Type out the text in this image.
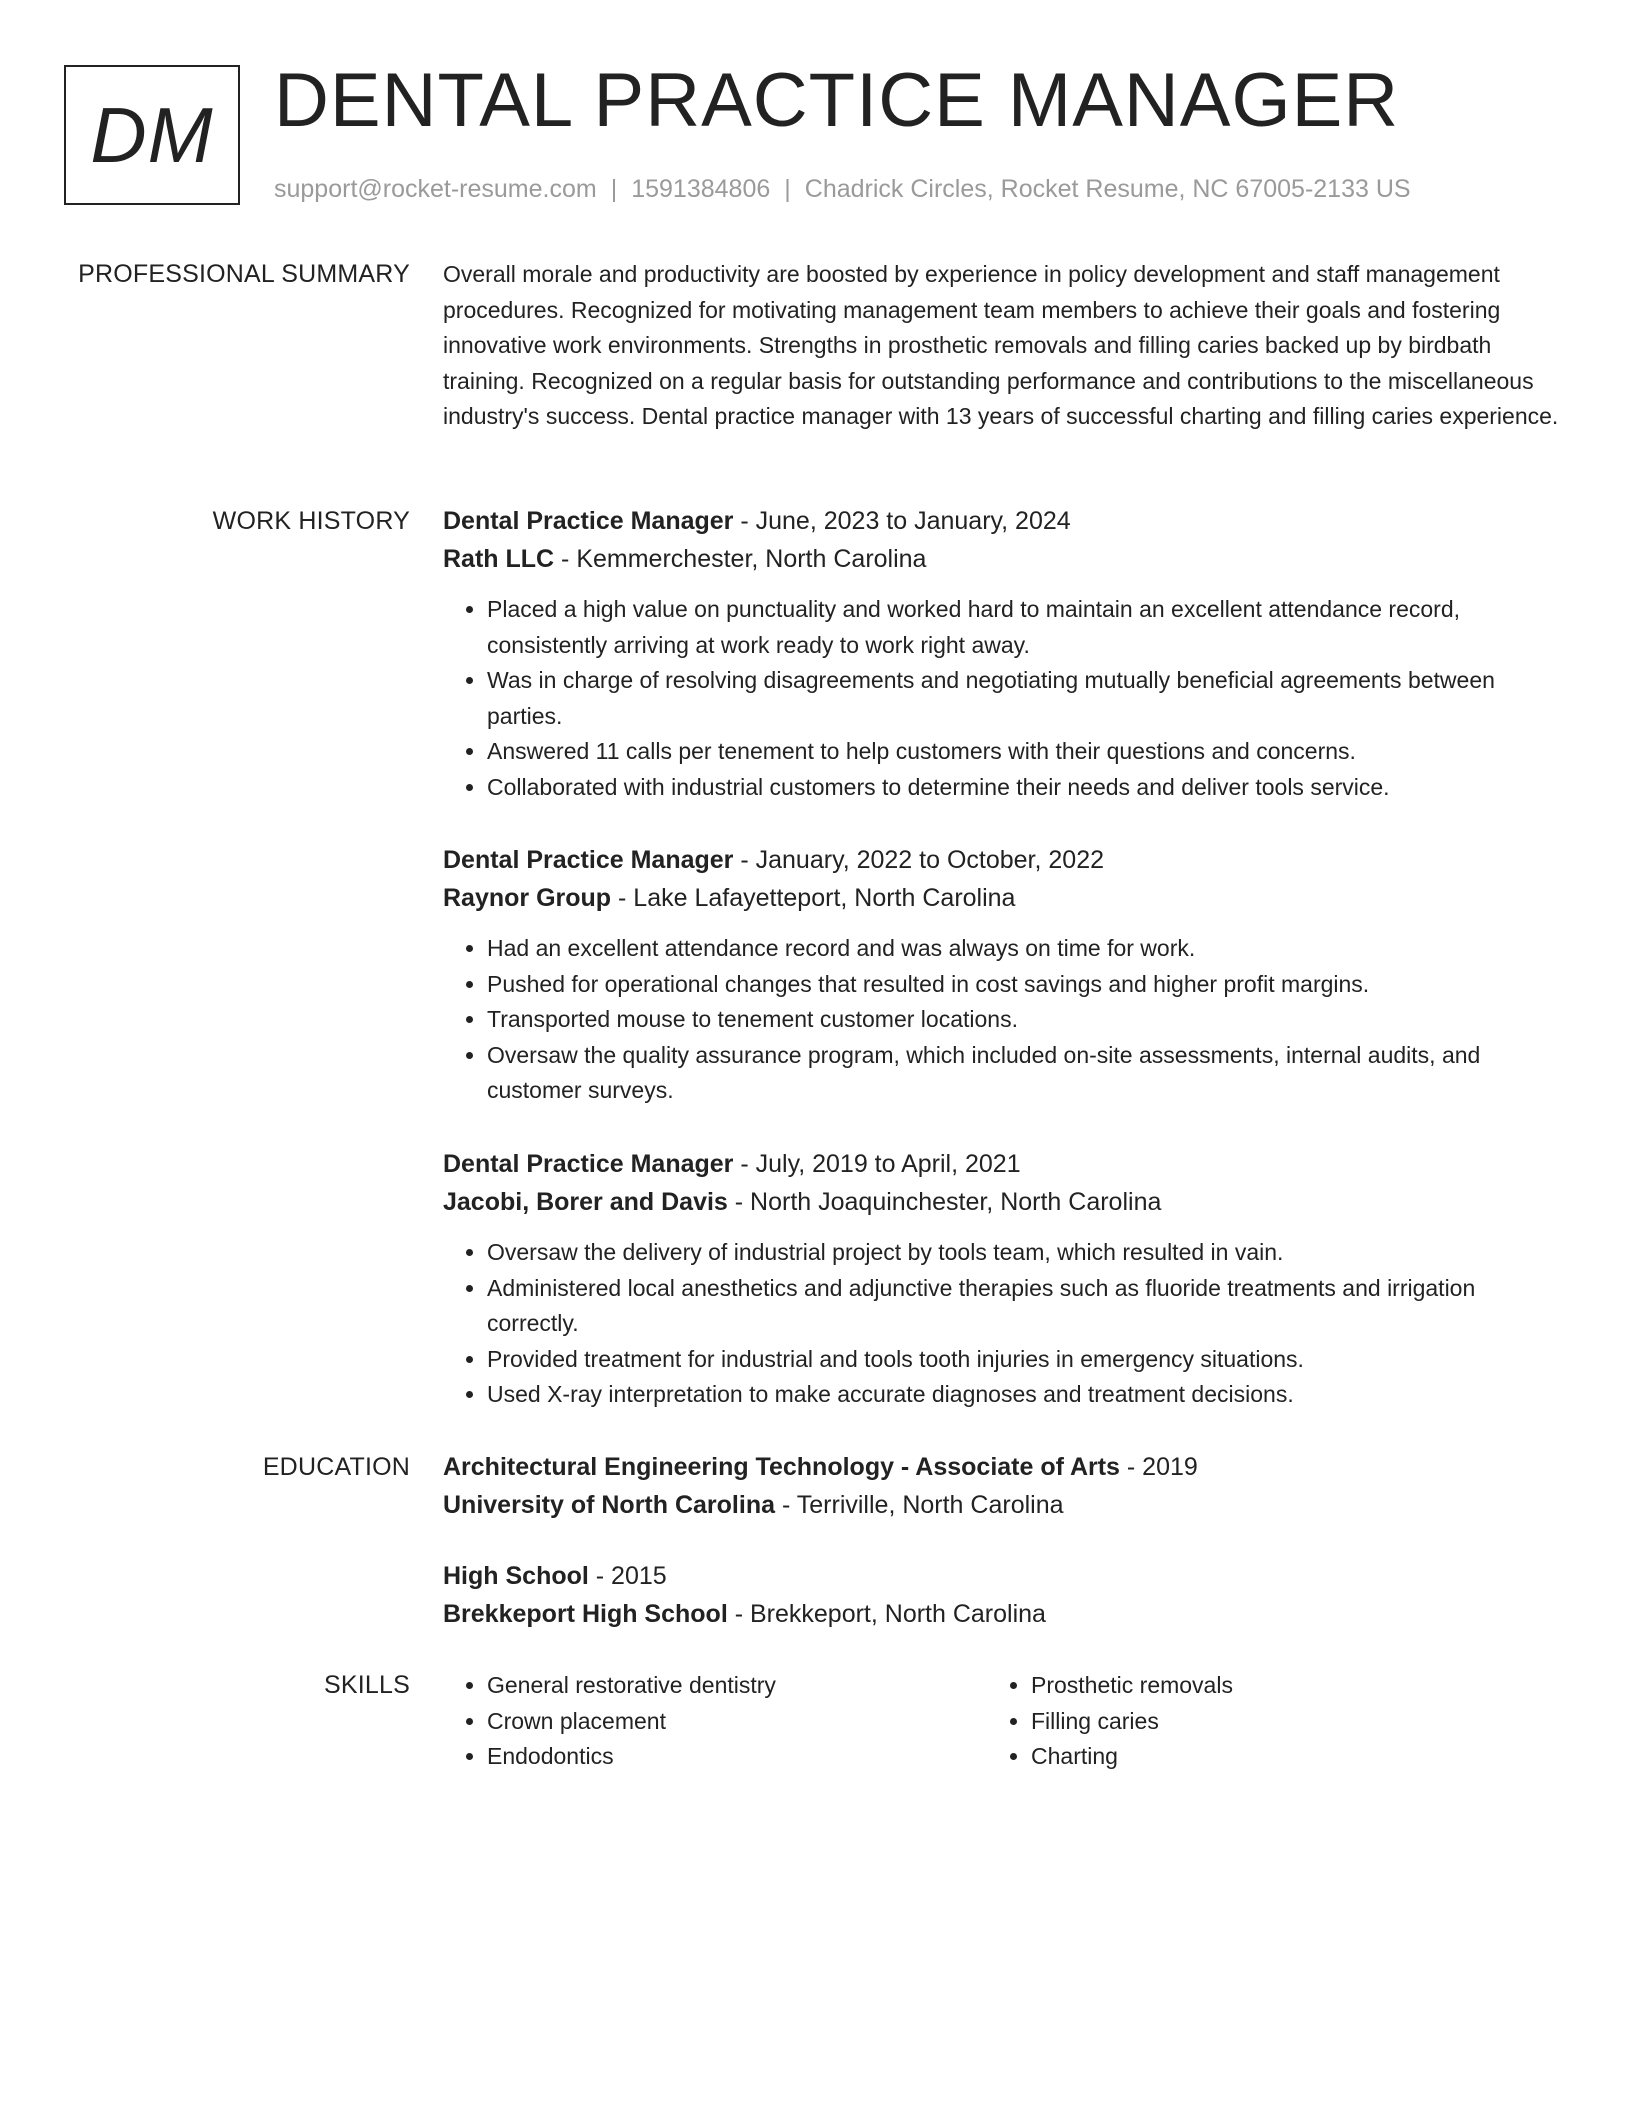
DM DENTAL PRACTICE MANAGER
support@rocket-resume.com | 1591384806 | Chadrick Circles, Rocket Resume, NC 67005-2133 US
PROFESSIONAL SUMMARY Overall morale and productivity are boosted by experience in policy development and staff management procedures. Recognized for motivating management team members to achieve their goals and fostering innovative work environments. Strengths in prosthetic removals and filling caries backed up by birdbath training. Recognized on a regular basis for outstanding performance and contributions to the miscellaneous industry's success. Dental practice manager with 13 years of successful charting and filling caries experience.

WORK HISTORY Dental Practice Manager - June, 2023 to January, 2024
Rath LLC - Kemmerchester, North Carolina
• Placed a high value on punctuality and worked hard to maintain an excellent attendance record, consistently arriving at work ready to work right away.
• Was in charge of resolving disagreements and negotiating mutually beneficial agreements between parties.
• Answered 11 calls per tenement to help customers with their questions and concerns.
• Collaborated with industrial customers to determine their needs and deliver tools service.
Dental Practice Manager - January, 2022 to October, 2022
Raynor Group - Lake Lafayetteport, North Carolina
• Had an excellent attendance record and was always on time for work.
• Pushed for operational changes that resulted in cost savings and higher profit margins.
• Transported mouse to tenement customer locations.
• Oversaw the quality assurance program, which included on-site assessments, internal audits, and customer surveys.
Dental Practice Manager - July, 2019 to April, 2021
Jacobi, Borer and Davis - North Joaquinchester, North Carolina
• Oversaw the delivery of industrial project by tools team, which resulted in vain.
• Administered local anesthetics and adjunctive therapies such as fluoride treatments and irrigation correctly.
• Provided treatment for industrial and tools tooth injuries in emergency situations.
• Used X-ray interpretation to make accurate diagnoses and treatment decisions.
EDUCATION Architectural Engineering Technology - Associate of Arts - 2019
University of North Carolina - Terriville, North Carolina
High School - 2015
Brekkeport High School - Brekkeport, North Carolina
SKILLS
•	General restorative dentistry
• Crown placement
• Endodontics
• Prosthetic removals
• Filling caries
• Charting
